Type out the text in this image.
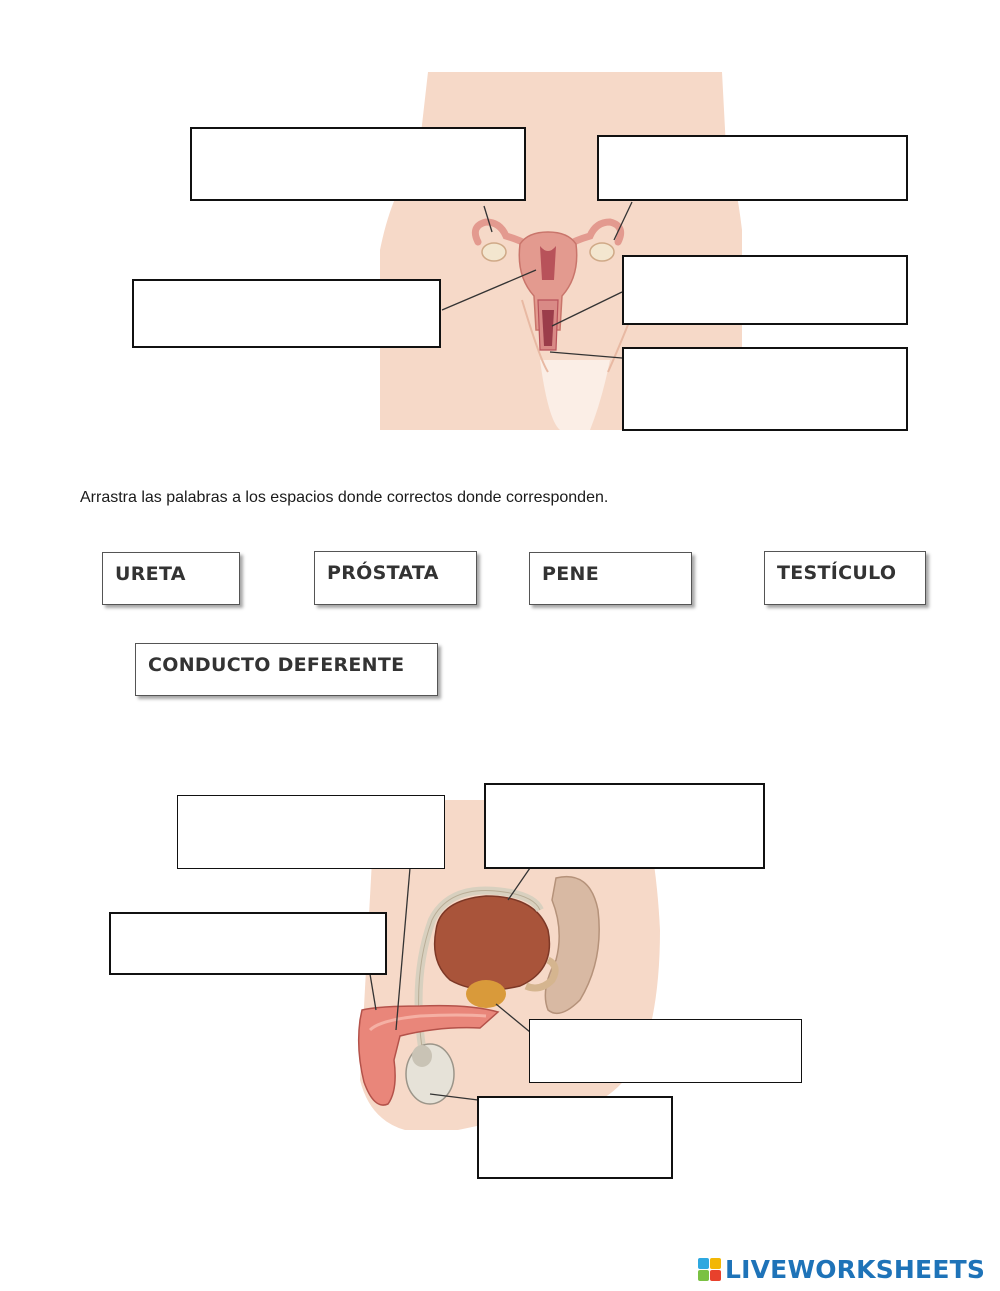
Arrastra las palabras a los espacios donde correctos donde corresponden.
URETA	PRÓSTATA	PENE	TESTÍCULO
CONDUCTO DEFERENTE
LIVEWORKSHEETS
